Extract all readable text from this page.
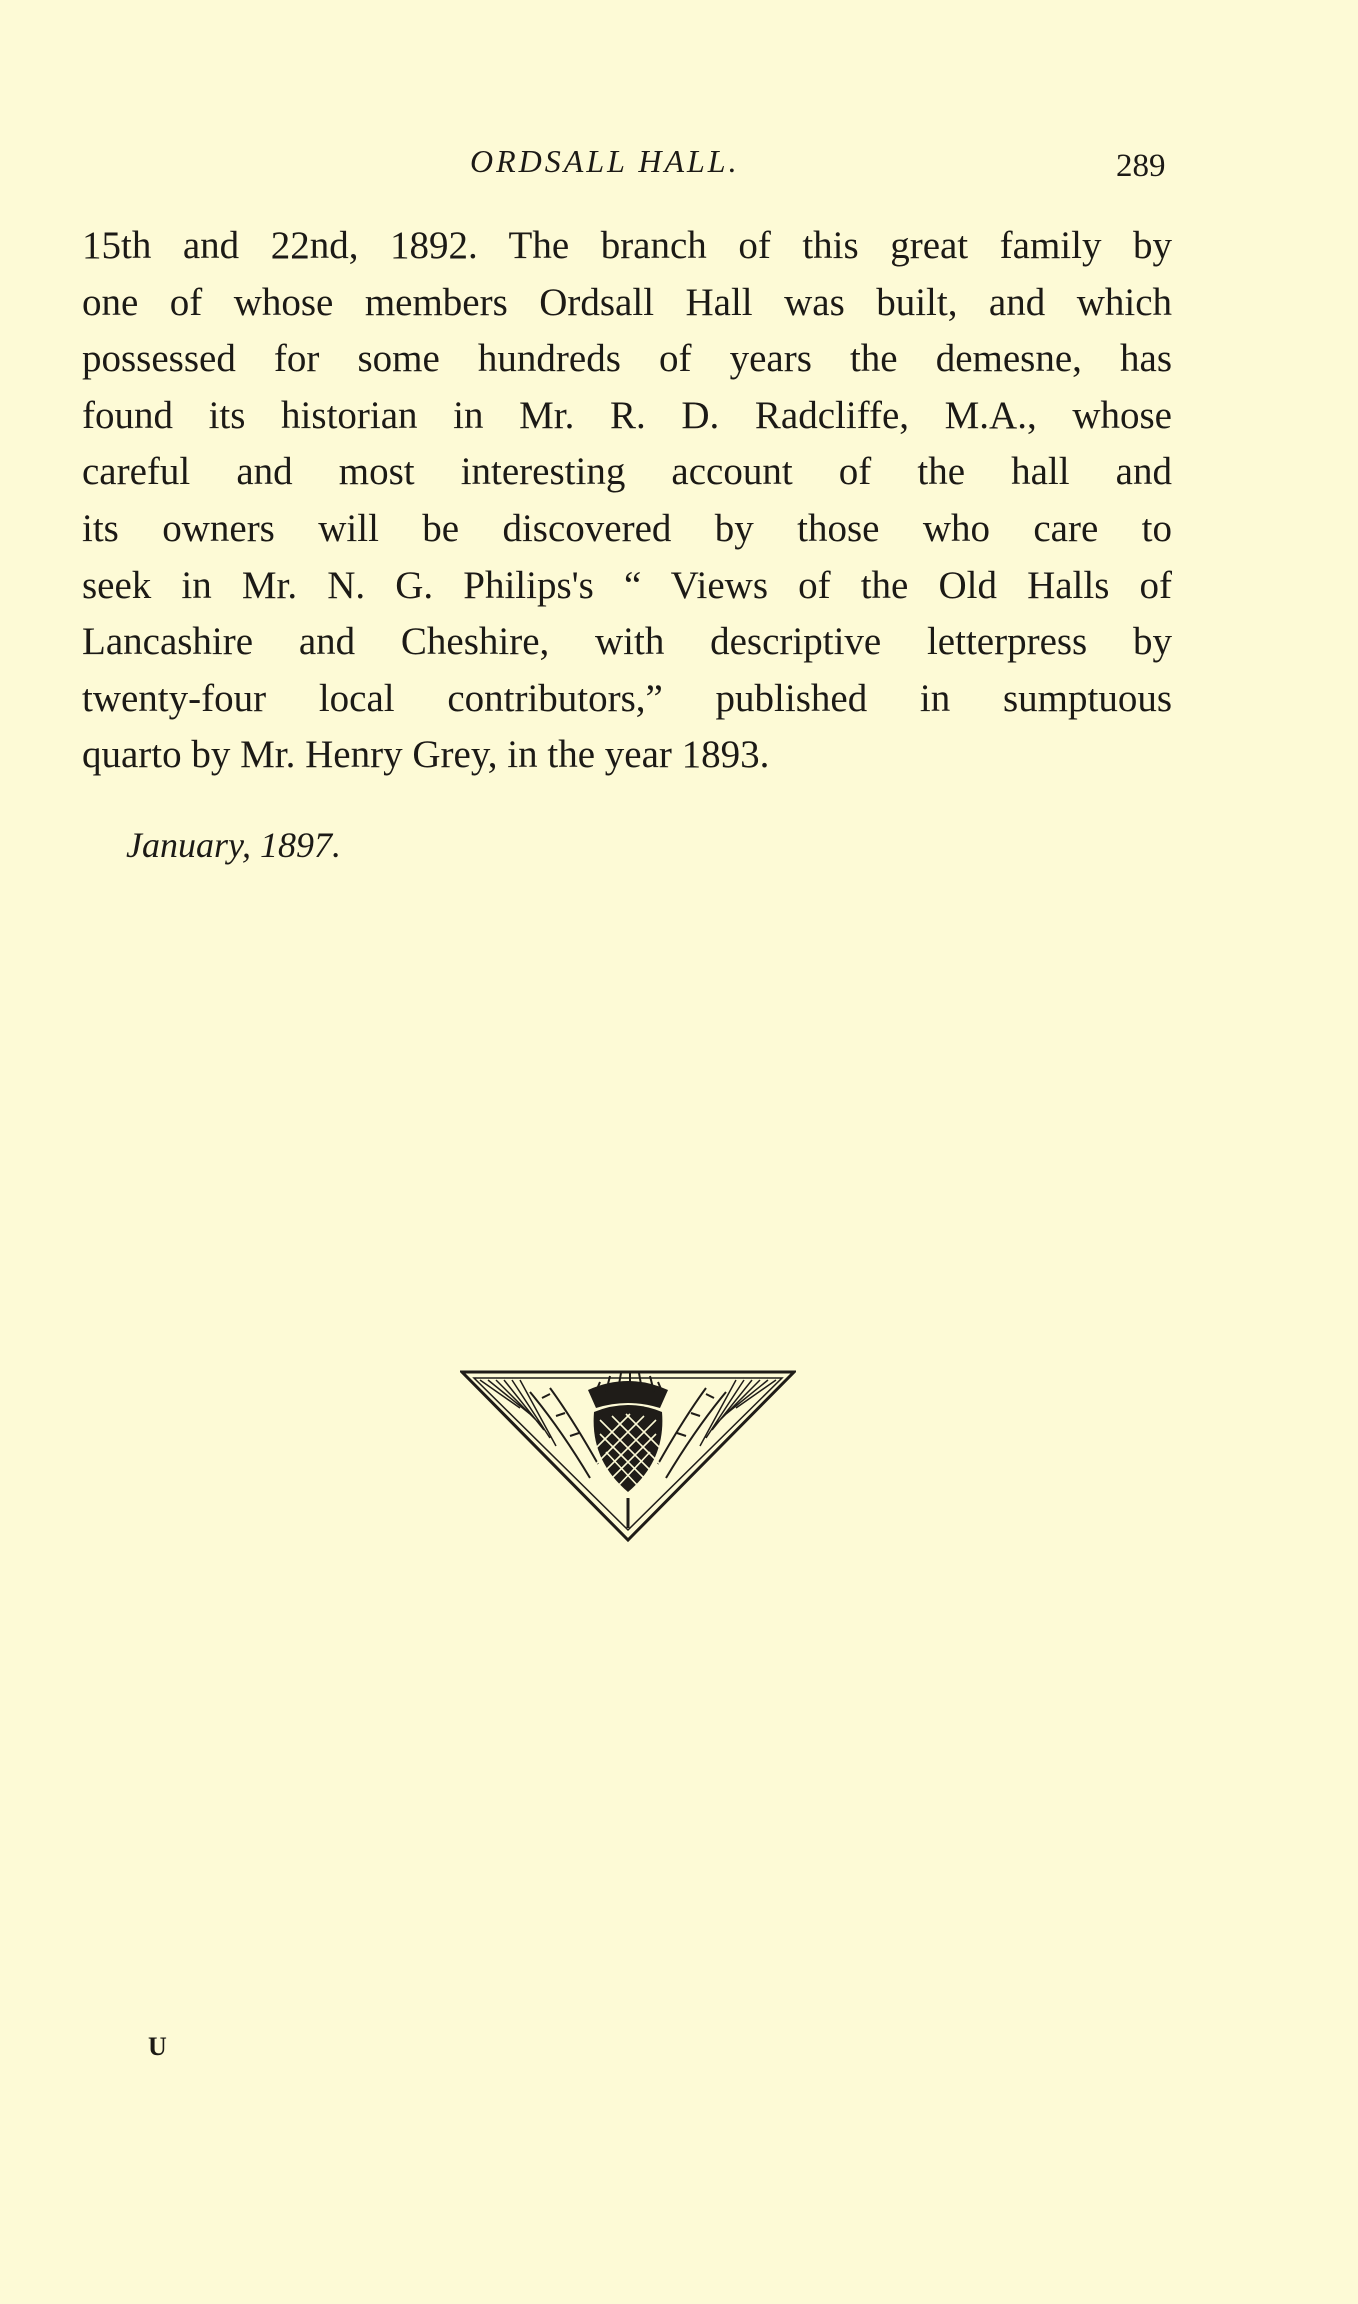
ORDSALL HALL.	289
15th and 22nd, 1892. The branch of this great family by
one of whose members Ordsall Hall was built, and which
possessed for some hundreds of years the demesne, has
found its historian in Mr. R. D. Radcliffe, M.A., whose
careful and most interesting account of the hall and
its owners will be discovered by those who care to
seek in Mr. N. G. Philips's “ Views of the Old Halls of
Lancashire and Cheshire, with descriptive letterpress by
twenty-four local contributors,” published in sumptuous
quarto by Mr. Henry Grey, in the year 1893.
January, 1897.
U
